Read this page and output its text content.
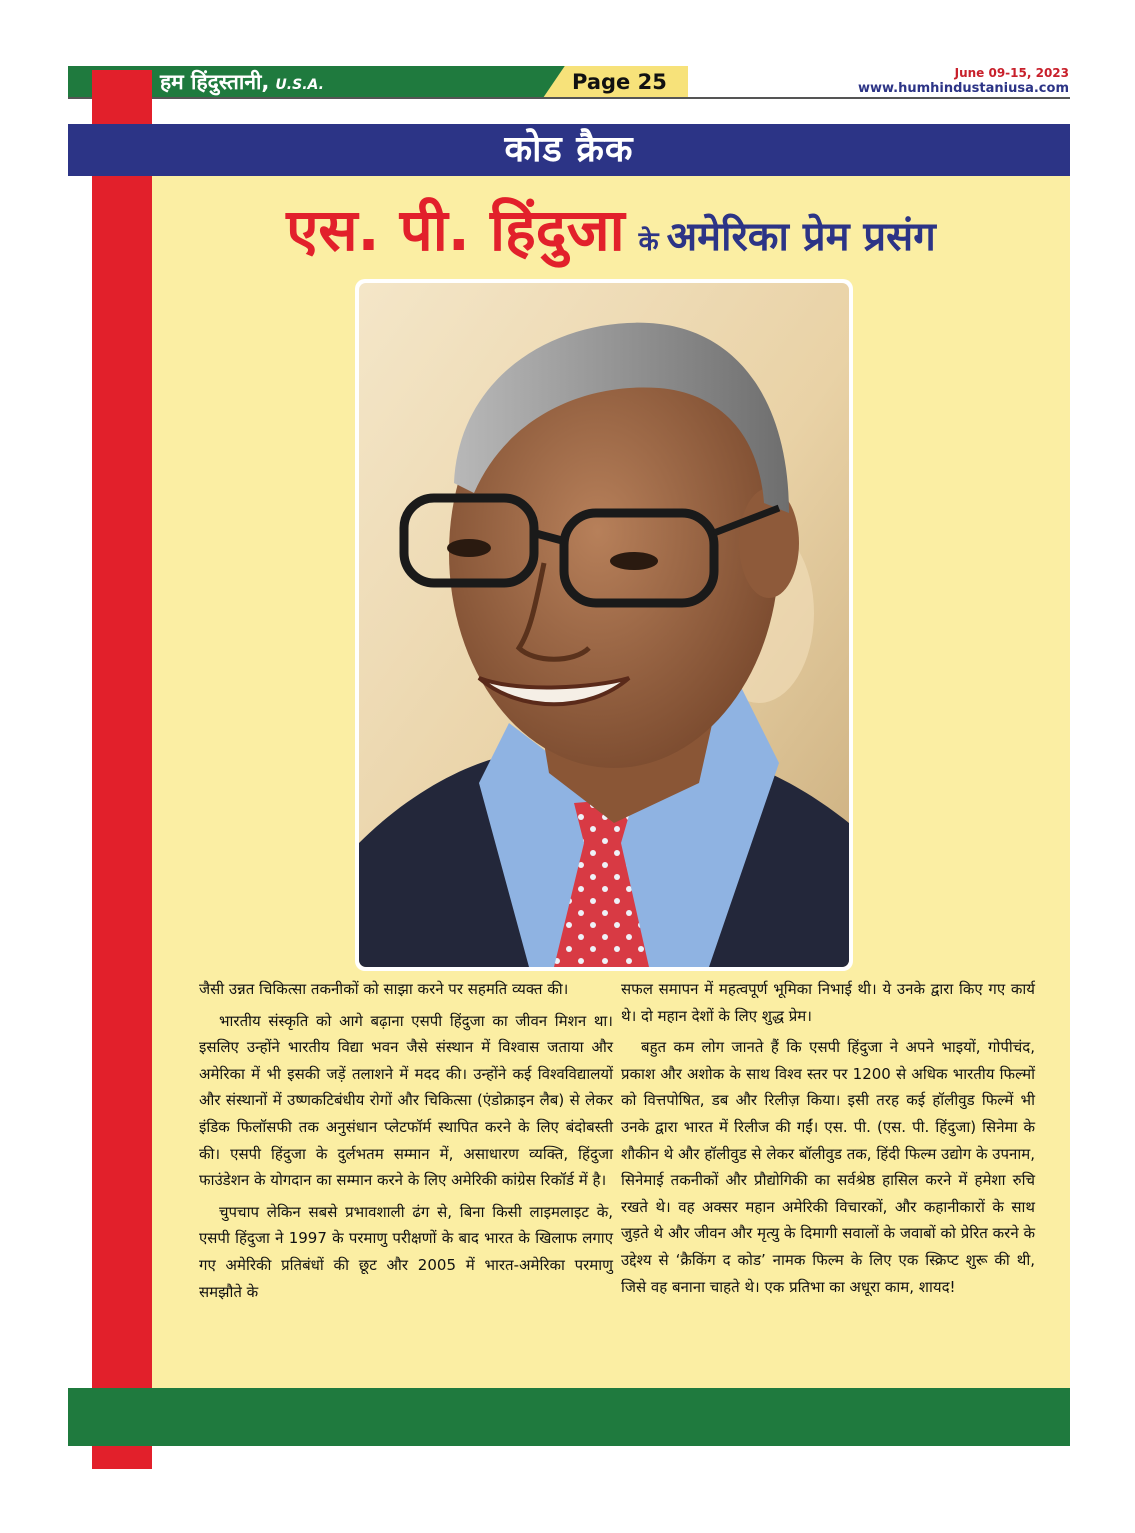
हम हिंदुस्तानी, U.S.A.	Page 25	June 09-15, 2023
www.humhindustaniusa.com
कोड क्रैक
एस. पी. हिंदुजा के अमेरिका प्रेम प्रसंग

जैसी उन्नत चिकित्सा तकनीकों को साझा करने पर सहमति व्यक्त की।

भारतीय संस्कृति को आगे बढ़ाना एसपी हिंदुजा का जीवन मिशन था। इसलिए उन्होंने भारतीय विद्या भवन जैसे संस्थान में विश्वास जताया और अमेरिका में भी इसकी जड़ें तलाशने में मदद की। उन्होंने कई विश्वविद्यालयों और संस्थानों में उष्णकटिबंधीय रोगों और चिकित्सा (एंडोक्राइन लैब) से लेकर इंडिक फिलॉसफी तक अनुसंधान प्लेटफॉर्म स्थापित करने के लिए बंदोबस्ती की। एसपी हिंदुजा के दुर्लभतम सम्मान में, असाधारण व्यक्ति, हिंदुजा फाउंडेशन के योगदान का सम्मान करने के लिए अमेरिकी कांग्रेस रिकॉर्ड में है।

चुपचाप लेकिन सबसे प्रभावशाली ढंग से, बिना किसी लाइमलाइट के, एसपी हिंदुजा ने 1997 के परमाणु परीक्षणों के बाद भारत के खिलाफ लगाए गए अमेरिकी प्रतिबंधों की छूट और 2005 में भारत-अमेरिका परमाणु समझौते के

सफल समापन में महत्वपूर्ण भूमिका निभाई थी। ये उनके द्वारा किए गए कार्य थे। दो महान देशों के लिए शुद्ध प्रेम।

बहुत कम लोग जानते हैं कि एसपी हिंदुजा ने अपने भाइयों, गोपीचंद, प्रकाश और अशोक के साथ विश्व स्तर पर 1200 से अधिक भारतीय फिल्मों को वित्तपोषित, डब और रिलीज़ किया। इसी तरह कई हॉलीवुड फिल्में भी उनके द्वारा भारत में रिलीज की गईं। एस. पी. (एस. पी. हिंदुजा) सिनेमा के शौकीन थे और हॉलीवुड से लेकर बॉलीवुड तक, हिंदी फिल्म उद्योग के उपनाम, सिनेमाई तकनीकों और प्रौद्योगिकी का सर्वश्रेष्ठ हासिल करने में हमेशा रुचि रखते थे। वह अक्सर महान अमेरिकी विचारकों, और कहानीकारों के साथ जुड़ते थे और जीवन और मृत्यु के दिमागी सवालों के जवाबों को प्रेरित करने के उद्देश्य से ‘क्रैकिंग द कोड’ नामक फिल्म के लिए एक स्क्रिप्ट शुरू की थी, जिसे वह बनाना चाहते थे। एक प्रतिभा का अधूरा काम, शायद!
